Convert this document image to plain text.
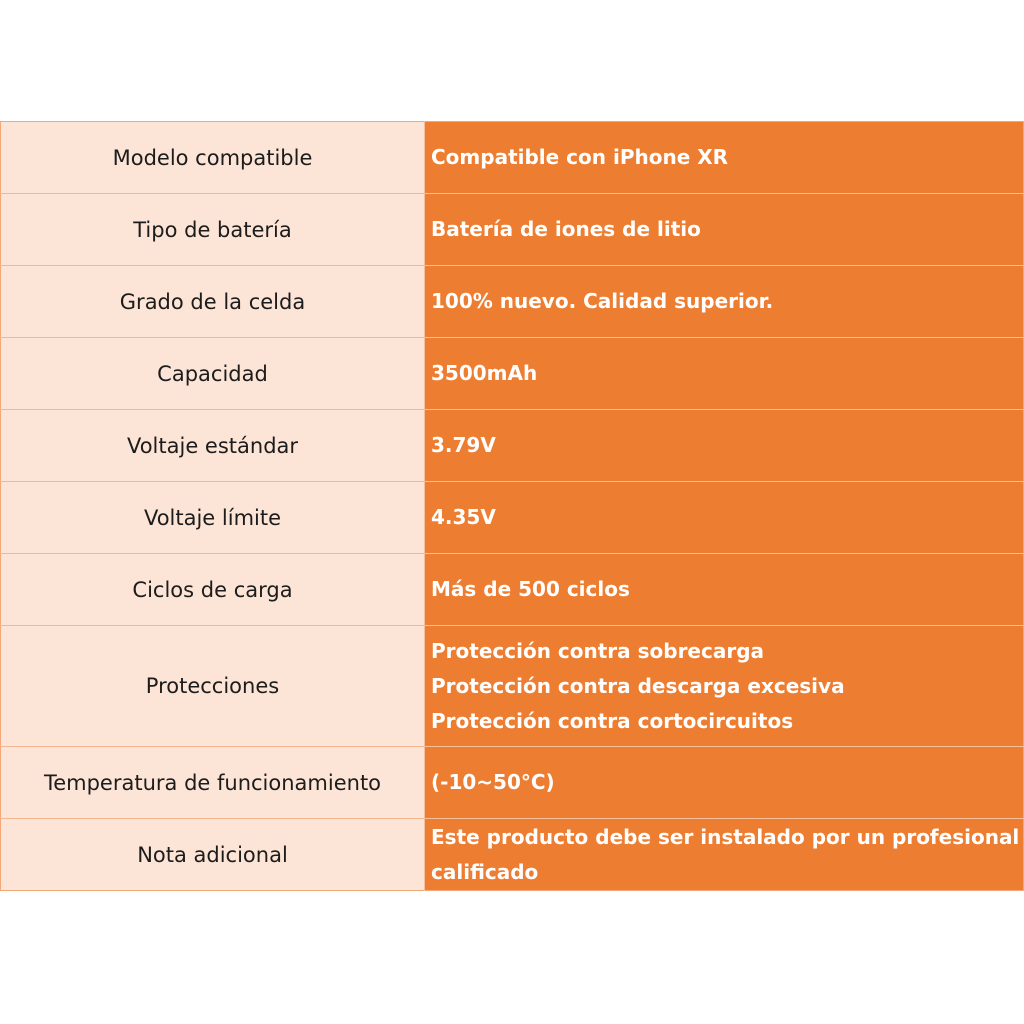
Modelo compatible	Compatible con iPhone XR

Tipo de batería	Batería de iones de litio

Grado de la celda	100% nuevo. Calidad superior.

Capacidad	3500mAh

Voltaje estándar	3.79V

Voltaje límite	4.35V

Ciclos de carga	Más de 500 ciclos

Protecciones	Protección contra sobrecarga
Protección contra descarga excesiva
Protección contra cortocircuitos

Temperatura de funcionamiento	(-10~50°C)

Nota adicional	Este producto debe ser instalado por un profesional
calificado
